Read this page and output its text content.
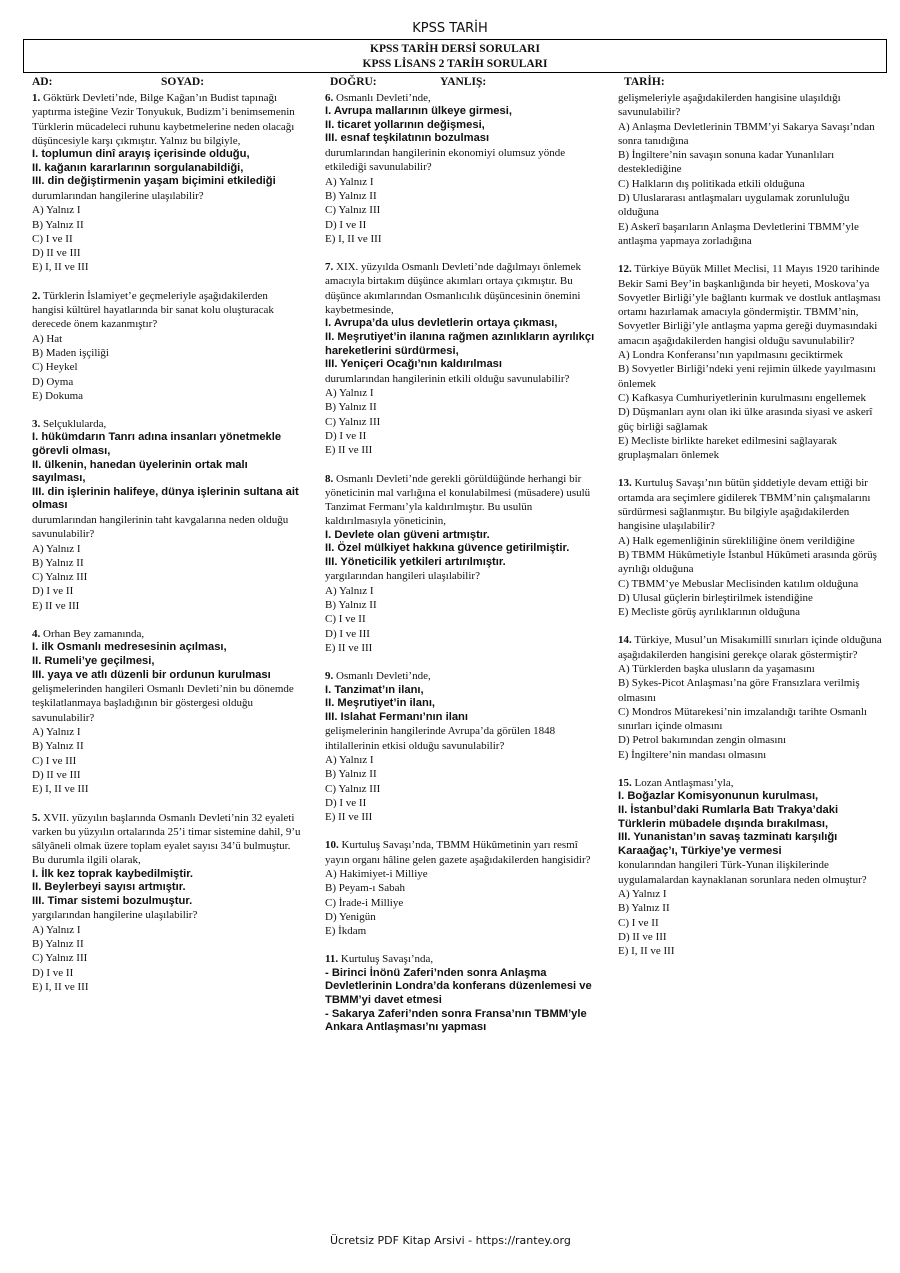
KPSS TARİH
KPSS TARİH DERSİ SORULARI
KPSS LİSANS 2 TARİH SORULARI
AD:	SOYAD:	DOĞRU:	YANLIŞ:	TARİH:
1. Göktürk Devleti’nde, Bilge Kağan’ın Budist tapınağı yaptırma isteğine Vezir Tonyukuk, Budizm’i benimsemenin Türklerin mücadeleci ruhunu kaybetmelerine neden olacağı düşüncesiyle karşı çıkmıştır. Yalnız bu bilgiyle,
I. toplumun dinî arayış içerisinde olduğu,
II. kağanın kararlarının sorgulanabildiği,
III. din değiştirmenin yaşam biçimini etkilediği
durumlarından hangilerine ulaşılabilir?
A) Yalnız I
B) Yalnız II
C) I ve II
D) II ve III
E) I, II ve III
2. Türklerin İslamiyet’e geçmeleriyle aşağıdakilerden hangisi kültürel hayatlarında bir sanat kolu oluşturacak derecede önem kazanmıştır?
A) Hat
B) Maden işçiliği
C) Heykel
D) Oyma
E) Dokuma
3. Selçuklularda,
I. hükümdarın Tanrı adına insanları yönetmekle görevli olması,
II. ülkenin, hanedan üyelerinin ortak malı sayılması,
III. din işlerinin halifeye, dünya işlerinin sultana ait olması
durumlarından hangilerinin taht kavgalarına neden olduğu savunulabilir?
A) Yalnız I
B) Yalnız II
C) Yalnız III
D) I ve II
E) II ve III
4. Orhan Bey zamanında,
I. ilk Osmanlı medresesinin açılması,
II. Rumeli’ye geçilmesi,
III. yaya ve atlı düzenli bir ordunun kurulması
gelişmelerinden hangileri Osmanlı Devleti’nin bu dönemde teşkilatlanmaya başladığının bir göstergesi olduğu savunulabilir?
A) Yalnız I
B) Yalnız II
C) I ve III
D) II ve III
E) I, II ve III
5. XVII. yüzyılın başlarında Osmanlı Devleti’nin 32 eyaleti varken bu yüzyılın ortalarında 25’i timar sistemine dahil, 9’u sâlyâneli olmak üzere toplam eyalet sayısı 34’ü bulmuştur. Bu durumla ilgili olarak,
I. İlk kez toprak kaybedilmiştir.
II. Beylerbeyi sayısı artmıştır.
III. Timar sistemi bozulmuştur.
yargılarından hangilerine ulaşılabilir?
A) Yalnız I
B) Yalnız II
C) Yalnız III
D) I ve II
E) I, II ve III
6. Osmanlı Devleti’nde,
I. Avrupa mallarının ülkeye girmesi,
II. ticaret yollarının değişmesi,
III. esnaf teşkilatının bozulması
durumlarından hangilerinin ekonomiyi olumsuz yönde etkilediği savunulabilir?
A) Yalnız I
B) Yalnız II
C) Yalnız III
D) I ve II
E) I, II ve III
7. XIX. yüzyılda Osmanlı Devleti’nde dağılmayı önlemek amacıyla birtakım düşünce akımları ortaya çıkmıştır. Bu düşünce akımlarından Osmanlıcılık düşüncesinin önemini kaybetmesinde,
I. Avrupa’da ulus devletlerin ortaya çıkması,
II. Meşrutiyet’in ilanına rağmen azınlıkların ayrılıkçı hareketlerini sürdürmesi,
III. Yeniçeri Ocağı’nın kaldırılması
durumlarından hangilerinin etkili olduğu savunulabilir?
A) Yalnız I
B) Yalnız II
C) Yalnız III
D) I ve II
E) II ve III
8. Osmanlı Devleti’nde gerekli görüldüğünde herhangi bir yöneticinin mal varlığına el konulabilmesi (müsadere) usulü Tanzimat Fermanı’yla kaldırılmıştır. Bu usulün kaldırılmasıyla yöneticinin,
I. Devlete olan güveni artmıştır.
II. Özel mülkiyet hakkına güvence getirilmiştir.
III. Yöneticilik yetkileri artırılmıştır.
yargılarından hangileri ulaşılabilir?
A) Yalnız I
B) Yalnız II
C) I ve II
D) I ve III
E) II ve III
9. Osmanlı Devleti’nde,
I. Tanzimat’ın ilanı,
II. Meşrutiyet’in ilanı,
III. Islahat Fermanı’nın ilanı
gelişmelerinin hangilerinde Avrupa’da görülen 1848 ihtilallerinin etkisi olduğu savunulabilir?
A) Yalnız I
B) Yalnız II
C) Yalnız III
D) I ve II
E) II ve III
10. Kurtuluş Savaşı’nda, TBMM Hükûmetinin yarı resmî yayın organı hâline gelen gazete aşağıdakilerden hangisidir?
A) Hakimiyet-i Milliye
B) Peyam-ı Sabah
C) İrade-i Milliye
D) Yenigün
E) İkdam
11. Kurtuluş Savaşı’nda,
- Birinci İnönü Zaferi’nden sonra Anlaşma Devletlerinin Londra’da konferans düzenlemesi ve TBMM’yi davet etmesi
- Sakarya Zaferi’nden sonra Fransa’nın TBMM’yle Ankara Antlaşması’nı yapması
gelişmeleriyle aşağıdakilerden hangisine ulaşıldığı savunulabilir?
A) Anlaşma Devletlerinin TBMM’yi Sakarya Savaşı’ndan sonra tanıdığına
B) İngiltere’nin savaşın sonuna kadar Yunanlıları desteklediğine
C) Halkların dış politikada etkili olduğuna
D) Uluslararası antlaşmaları uygulamak zorunluluğu olduğuna
E) Askerî başarıların Anlaşma Devletlerini TBMM’yle antlaşma yapmaya zorladığına
12. Türkiye Büyük Millet Meclisi, 11 Mayıs 1920 tarihinde Bekir Sami Bey’in başkanlığında bir heyeti, Moskova’ya Sovyetler Birliği’yle bağlantı kurmak ve dostluk antlaşması ortamı hazırlamak amacıyla göndermiştir. TBMM’nin, Sovyetler Birliği’yle antlaşma yapma gereği duymasındaki amacın aşağıdakilerden hangisi olduğu savunulabilir?
A) Londra Konferansı’nın yapılmasını geciktirmek
B) Sovyetler Birliği’ndeki yeni rejimin ülkede yayılmasını önlemek
C) Kafkasya Cumhuriyetlerinin kurulmasını engellemek
D) Düşmanları aynı olan iki ülke arasında siyasi ve askerî güç birliği sağlamak
E) Mecliste birlikte hareket edilmesini sağlayarak gruplaşmaları önlemek
13. Kurtuluş Savaşı’nın bütün şiddetiyle devam ettiği bir ortamda ara seçimlere gidilerek TBMM’nin çalışmalarını sürdürmesi sağlanmıştır. Bu bilgiyle aşağıdakilerden hangisine ulaşılabilir?
A) Halk egemenliğinin sürekliliğine önem verildiğine
B) TBMM Hükûmetiyle İstanbul Hükûmeti arasında görüş ayrılığı olduğuna
C) TBMM’ye Mebuslar Meclisinden katılım olduğuna
D) Ulusal güçlerin birleştirilmek istendiğine
E) Mecliste görüş ayrılıklarının olduğuna
14. Türkiye, Musul’un Misakımillî sınırları içinde olduğuna aşağıdakilerden hangisini gerekçe olarak göstermiştir?
A) Türklerden başka ulusların da yaşamasını
B) Sykes-Picot Anlaşması’na göre Fransızlara verilmiş olmasını
C) Mondros Mütarekesi’nin imzalandığı tarihte Osmanlı sınırları içinde olmasını
D) Petrol bakımından zengin olmasını
E) İngiltere’nin mandası olmasını
15. Lozan Antlaşması’yla,
I. Boğazlar Komisyonunun kurulması,
II. İstanbul’daki Rumlarla Batı Trakya’daki Türklerin mübadele dışında bırakılması,
III. Yunanistan’ın savaş tazminatı karşılığı Karaağaç’ı, Türkiye’ye vermesi
konularından hangileri Türk-Yunan ilişkilerinde uygulamalardan kaynaklanan sorunlara neden olmuştur?
A) Yalnız I
B) Yalnız II
C) I ve II
D) II ve III
E) I, II ve III
Ücretsiz PDF Kitap Arsivi - https://rantey.org
